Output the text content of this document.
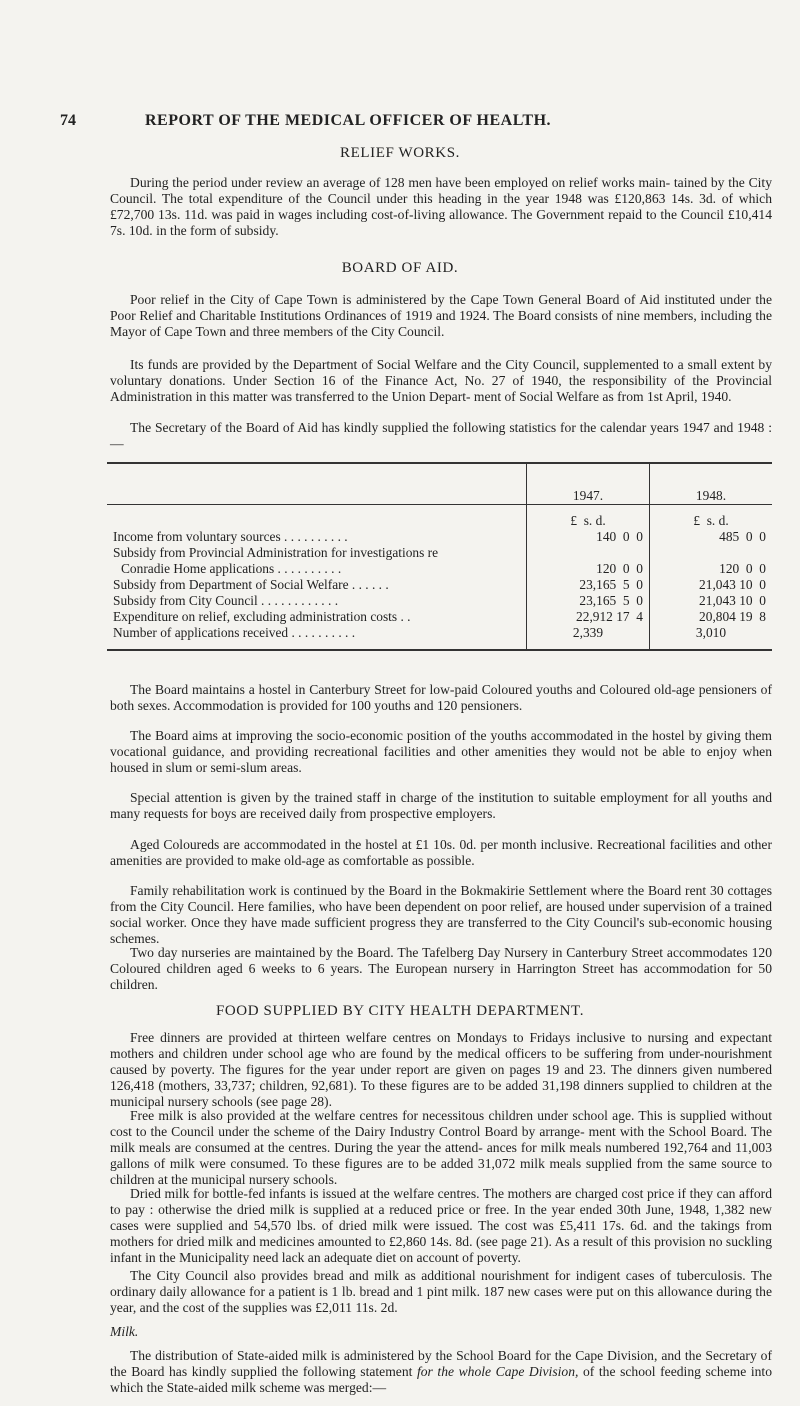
74	REPORT OF THE MEDICAL OFFICER OF HEALTH.
RELIEF WORKS.

During the period under review an average of 128 men have been employed on relief works main- tained by the City Council. The total expenditure of the Council under this heading in the year 1948 was £120,863 14s. 3d. of which £72,700 13s. 11d. was paid in wages including cost-of-living allowance. The Government repaid to the Council £10,414 7s. 10d. in the form of subsidy.

BOARD OF AID.

Poor relief in the City of Cape Town is administered by the Cape Town General Board of Aid instituted under the Poor Relief and Charitable Institutions Ordinances of 1919 and 1924. The Board consists of nine members, including the Mayor of Cape Town and three members of the City Council.

Its funds are provided by the Department of Social Welfare and the City Council, supplemented to a small extent by voluntary donations. Under Section 16 of the Finance Act, No. 27 of 1940, the responsibility of the Provincial Administration in this matter was transferred to the Union Depart- ment of Social Welfare as from 1st April, 1940.

The Secretary of the Board of Aid has kindly supplied the following statistics for the calendar years 1947 and 1948 :—

	1947.	1948.
	£  s. d.	£  s. d.
Income from voluntary sources . . . . . . . . . .	140  0  0	485  0  0
Subsidy from Provincial Administration for investigations re		
Conradie Home applications . . . . . . . . . .	120  0  0	120  0  0
Subsidy from Department of Social Welfare . . . . . .	23,165  5  0	21,043 10  0
Subsidy from City Council . . . . . . . . . . . .	23,165  5  0	21,043 10  0
Expenditure on relief, excluding administration costs . .	22,912 17  4	20,804 19  8
Number of applications received . . . . . . . . . .	2,339	3,010

The Board maintains a hostel in Canterbury Street for low-paid Coloured youths and Coloured old-age pensioners of both sexes. Accommodation is provided for 100 youths and 120 pensioners.

The Board aims at improving the socio-economic position of the youths accommodated in the hostel by giving them vocational guidance, and providing recreational facilities and other amenities they would not be able to enjoy when housed in slum or semi-slum areas.

Special attention is given by the trained staff in charge of the institution to suitable employment for all youths and many requests for boys are received daily from prospective employers.

Aged Coloureds are accommodated in the hostel at £1 10s. 0d. per month inclusive. Recreational facilities and other amenities are provided to make old-age as comfortable as possible.

Family rehabilitation work is continued by the Board in the Bokmakirie Settlement where the Board rent 30 cottages from the City Council. Here families, who have been dependent on poor relief, are housed under supervision of a trained social worker. Once they have made sufficient progress they are transferred to the City Council's sub-economic housing schemes.

Two day nurseries are maintained by the Board. The Tafelberg Day Nursery in Canterbury Street accommodates 120 Coloured children aged 6 weeks to 6 years. The European nursery in Harrington Street has accommodation for 50 children.

FOOD SUPPLIED BY CITY HEALTH DEPARTMENT.

Free dinners are provided at thirteen welfare centres on Mondays to Fridays inclusive to nursing and expectant mothers and children under school age who are found by the medical officers to be suffering from under-nourishment caused by poverty. The figures for the year under report are given on pages 19 and 23. The dinners given numbered 126,418 (mothers, 33,737; children, 92,681). To these figures are to be added 31,198 dinners supplied to children at the municipal nursery schools (see page 28).

Free milk is also provided at the welfare centres for necessitous children under school age. This is supplied without cost to the Council under the scheme of the Dairy Industry Control Board by arrange- ment with the School Board. The milk meals are consumed at the centres. During the year the attend- ances for milk meals numbered 192,764 and 11,003 gallons of milk were consumed. To these figures are to be added 31,072 milk meals supplied from the same source to children at the municipal nursery schools.

Dried milk for bottle-fed infants is issued at the welfare centres. The mothers are charged cost price if they can afford to pay : otherwise the dried milk is supplied at a reduced price or free. In the year ended 30th June, 1948, 1,382 new cases were supplied and 54,570 lbs. of dried milk were issued. The cost was £5,411 17s. 6d. and the takings from mothers for dried milk and medicines amounted to £2,860 14s. 8d. (see page 21). As a result of this provision no suckling infant in the Municipality need lack an adequate diet on account of poverty.

The City Council also provides bread and milk as additional nourishment for indigent cases of tuberculosis. The ordinary daily allowance for a patient is 1 lb. bread and 1 pint milk. 187 new cases were put on this allowance during the year, and the cost of the supplies was £2,011 11s. 2d.

Milk.

The distribution of State-aided milk is administered by the School Board for the Cape Division, and the Secretary of the Board has kindly supplied the following statement for the whole Cape Division, of the school feeding scheme into which the State-aided milk scheme was merged:—
